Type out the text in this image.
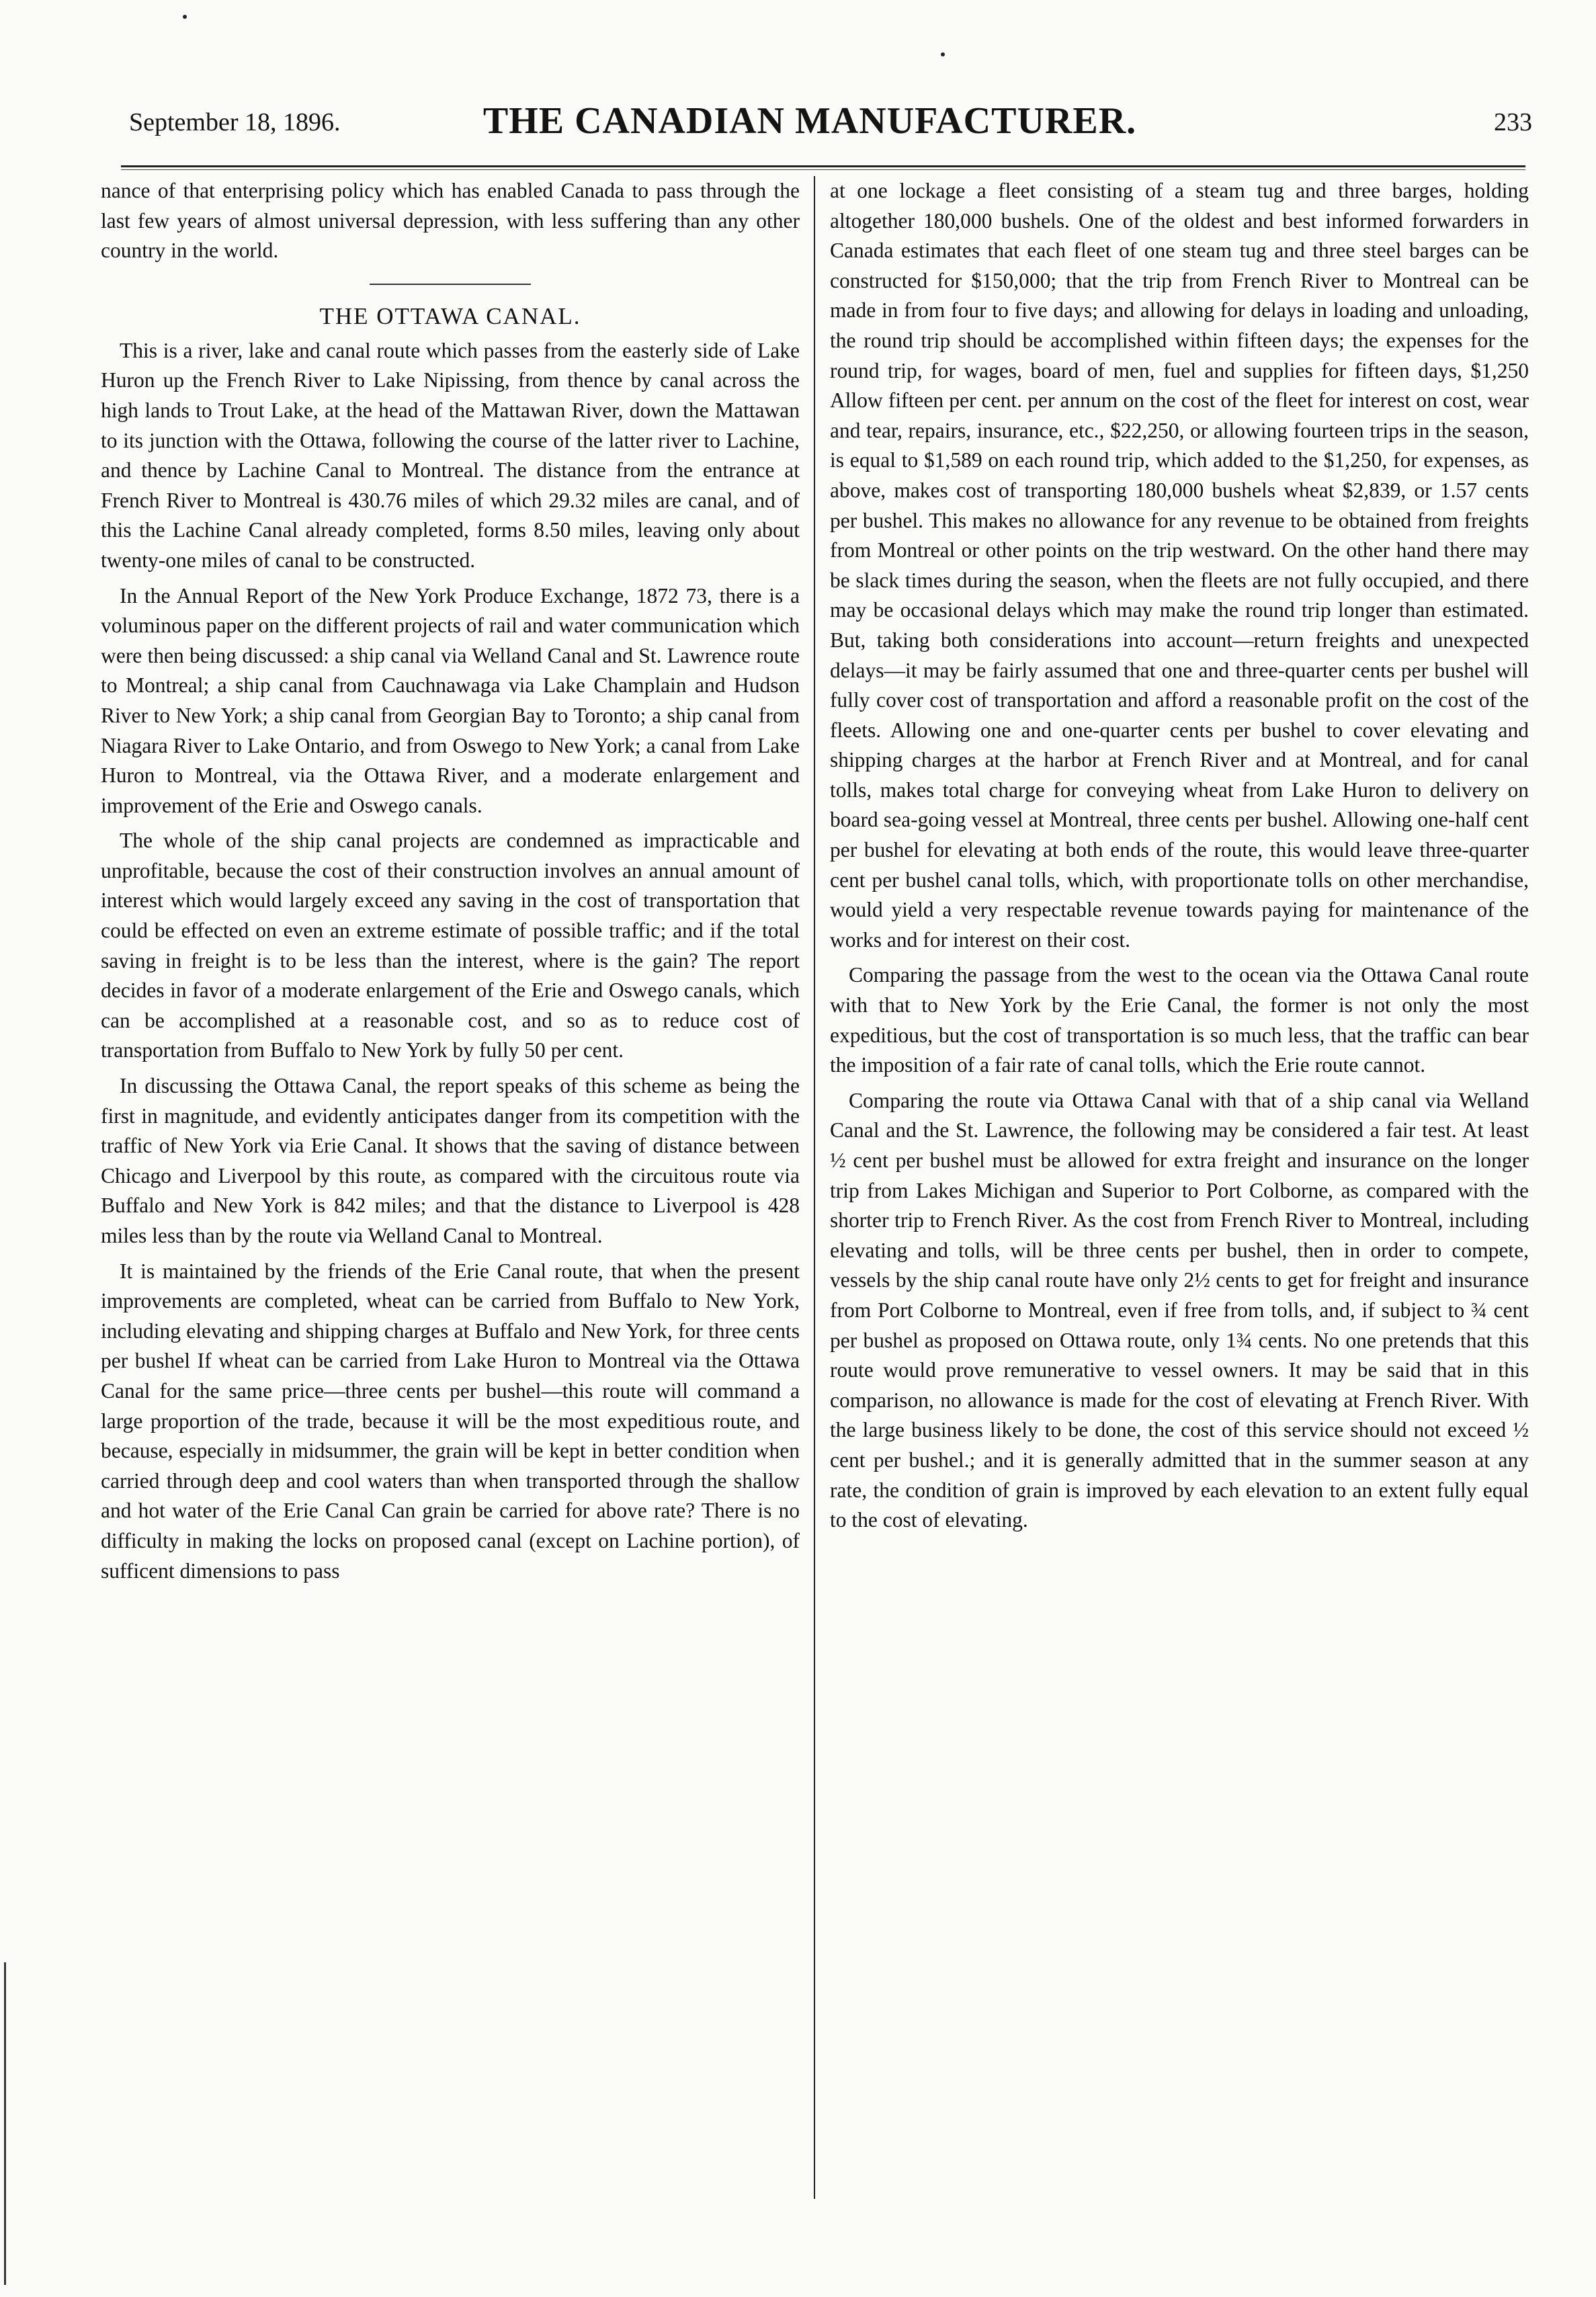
September 18, 1896.	THE CANADIAN MANUFACTURER.	233

nance of that enterprising policy which has enabled Canada to pass through the last few years of almost universal depression, with less suffering than any other country in the world.

THE OTTAWA CANAL.

This is a river, lake and canal route which passes from the easterly side of Lake Huron up the French River to Lake Nipissing, from thence by canal across the high lands to Trout Lake, at the head of the Mattawan River, down the Mattawan to its junction with the Ottawa, following the course of the latter river to Lachine, and thence by Lachine Canal to Montreal. The distance from the entrance at French River to Montreal is 430.76 miles of which 29.32 miles are canal, and of this the Lachine Canal already completed, forms 8.50 miles, leaving only about twenty-one miles of canal to be constructed.

In the Annual Report of the New York Produce Exchange, 1872 73, there is a voluminous paper on the different projects of rail and water communication which were then being discussed: a ship canal via Welland Canal and St. Lawrence route to Montreal; a ship canal from Cauchnawaga via Lake Champlain and Hudson River to New York; a ship canal from Georgian Bay to Toronto; a ship canal from Niagara River to Lake Ontario, and from Oswego to New York; a canal from Lake Huron to Montreal, via the Ottawa River, and a moderate enlargement and improvement of the Erie and Oswego canals.

The whole of the ship canal projects are condemned as impracticable and unprofitable, because the cost of their construction involves an annual amount of interest which would largely exceed any saving in the cost of transportation that could be effected on even an extreme estimate of possible traffic; and if the total saving in freight is to be less than the interest, where is the gain? The report decides in favor of a moderate enlargement of the Erie and Oswego canals, which can be accomplished at a reasonable cost, and so as to reduce cost of transportation from Buffalo to New York by fully 50 per cent.

In discussing the Ottawa Canal, the report speaks of this scheme as being the first in magnitude, and evidently anticipates danger from its competition with the traffic of New York via Erie Canal. It shows that the saving of distance between Chicago and Liverpool by this route, as compared with the circuitous route via Buffalo and New York is 842 miles; and that the distance to Liverpool is 428 miles less than by the route via Welland Canal to Montreal.

It is maintained by the friends of the Erie Canal route, that when the present improvements are completed, wheat can be carried from Buffalo to New York, including elevating and shipping charges at Buffalo and New York, for three cents per bushel If wheat can be carried from Lake Huron to Montreal via the Ottawa Canal for the same price—three cents per bushel—this route will command a large proportion of the trade, because it will be the most expeditious route, and because, especially in midsummer, the grain will be kept in better condition when carried through deep and cool waters than when transported through the shallow and hot water of the Erie Canal Can grain be carried for above rate? There is no difficulty in making the locks on proposed canal (except on Lachine portion), of sufficent dimensions to pass

at one lockage a fleet consisting of a steam tug and three barges, holding altogether 180,000 bushels. One of the oldest and best informed forwarders in Canada estimates that each fleet of one steam tug and three steel barges can be constructed for $150,000; that the trip from French River to Montreal can be made in from four to five days; and allowing for delays in loading and unloading, the round trip should be accomplished within fifteen days; the expenses for the round trip, for wages, board of men, fuel and supplies for fifteen days, $1,250 Allow fifteen per cent. per annum on the cost of the fleet for interest on cost, wear and tear, repairs, insurance, etc., $22,250, or allowing fourteen trips in the season, is equal to $1,589 on each round trip, which added to the $1,250, for expenses, as above, makes cost of transporting 180,000 bushels wheat $2,839, or 1.57 cents per bushel. This makes no allowance for any revenue to be obtained from freights from Montreal or other points on the trip westward. On the other hand there may be slack times during the season, when the fleets are not fully occupied, and there may be occasional delays which may make the round trip longer than estimated. But, taking both considerations into account—return freights and unexpected delays—it may be fairly assumed that one and three-quarter cents per bushel will fully cover cost of transportation and afford a reasonable profit on the cost of the fleets. Allowing one and one-quarter cents per bushel to cover elevating and shipping charges at the harbor at French River and at Montreal, and for canal tolls, makes total charge for conveying wheat from Lake Huron to delivery on board sea-going vessel at Montreal, three cents per bushel. Allowing one-half cent per bushel for elevating at both ends of the route, this would leave three-quarter cent per bushel canal tolls, which, with proportionate tolls on other merchandise, would yield a very respectable revenue towards paying for maintenance of the works and for interest on their cost.

Comparing the passage from the west to the ocean via the Ottawa Canal route with that to New York by the Erie Canal, the former is not only the most expeditious, but the cost of transportation is so much less, that the traffic can bear the imposition of a fair rate of canal tolls, which the Erie route cannot.

Comparing the route via Ottawa Canal with that of a ship canal via Welland Canal and the St. Lawrence, the following may be considered a fair test. At least ½ cent per bushel must be allowed for extra freight and insurance on the longer trip from Lakes Michigan and Superior to Port Colborne, as compared with the shorter trip to French River. As the cost from French River to Montreal, including elevating and tolls, will be three cents per bushel, then in order to compete, vessels by the ship canal route have only 2½ cents to get for freight and insurance from Port Colborne to Montreal, even if free from tolls, and, if subject to ¾ cent per bushel as proposed on Ottawa route, only 1¾ cents. No one pretends that this route would prove remunerative to vessel owners. It may be said that in this comparison, no allowance is made for the cost of elevating at French River. With the large business likely to be done, the cost of this service should not exceed ½ cent per bushel.; and it is generally admitted that in the summer season at any rate, the condition of grain is improved by each elevation to an extent fully equal to the cost of elevating.
